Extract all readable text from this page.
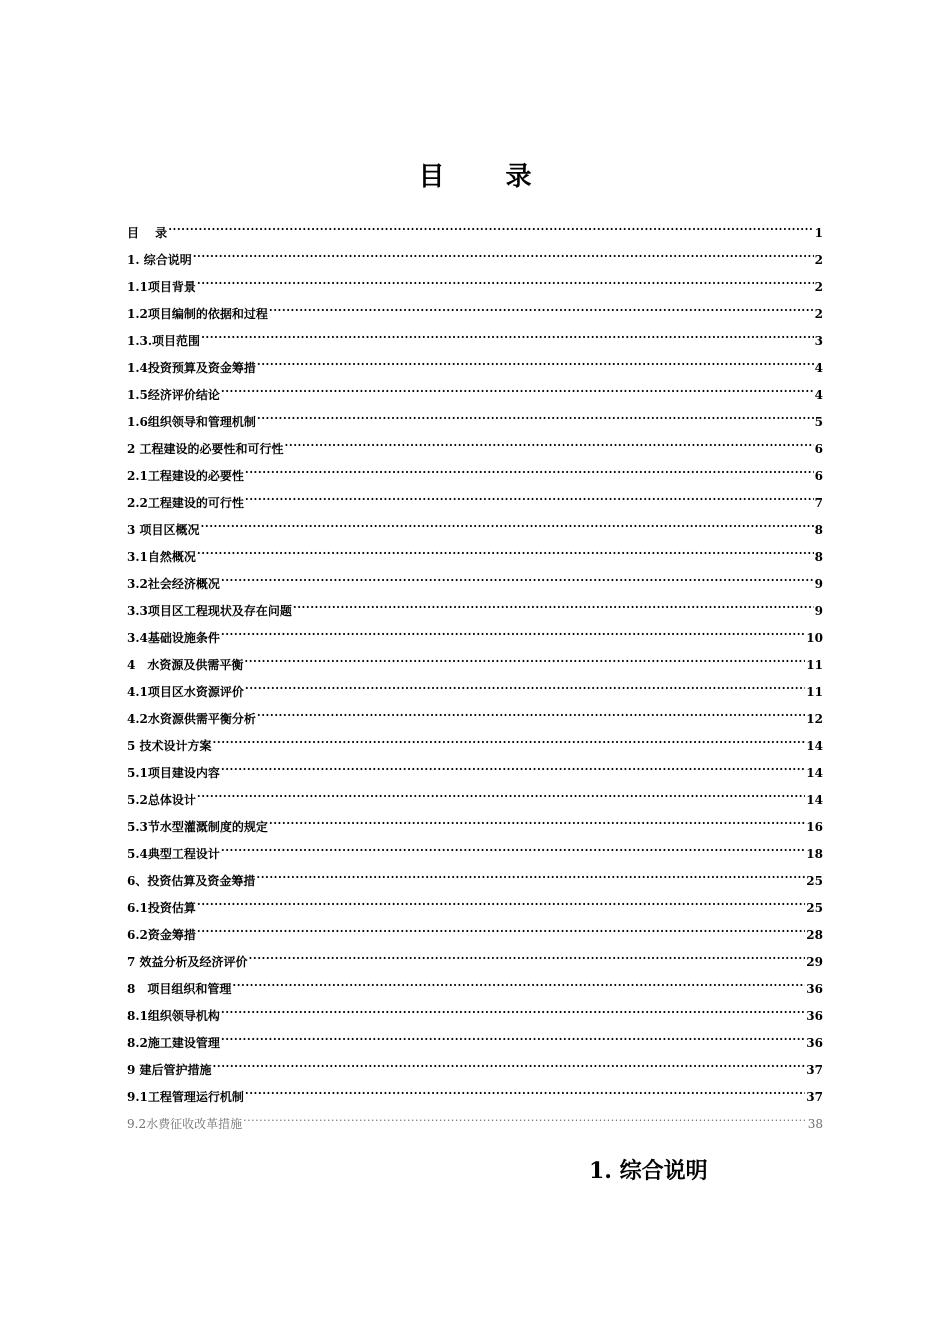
目 录
目　 录 .....	1
1. 综合说明 .....	2
1.1项目背景 .....	2
1.2项目编制的依据和过程 .....	2
1.3.项目范围 .....	3
1.4投资预算及资金筹措 .....	4
1.5经济评价结论 .....	4
1.6组织领导和管理机制 .....	5
2 工程建设的必要性和可行性 .....	6
2.1工程建设的必要性 .....	6
2.2工程建设的可行性 .....	7
3 项目区概况 .....	8
3.1自然概况 .....	8
3.2社会经济概况 .....	9
3.3项目区工程现状及存在问题 .....	9
3.4基础设施条件 .....	10
4　水资源及供需平衡 .....	11
4.1项目区水资源评价 .....	11
4.2水资源供需平衡分析 .....	12
5 技术设计方案 .....	14
5.1项目建设内容 .....	14
5.2总体设计 .....	14
5.3节水型灌溉制度的规定 .....	16
5.4典型工程设计 .....	18
6、投资估算及资金筹措 .....	25
6.1投资估算 .....	25
6.2资金筹措 .....	28
7 效益分析及经济评价 .....	29
8　项目组织和管理 .....	36
8.1组织领导机构 .....	36
8.2施工建设管理 .....	36
9 建后管护措施 .....	37
9.1工程管理运行机制 .....	37
9.2水费征收改革措施 .....	38
1. 综合说明
